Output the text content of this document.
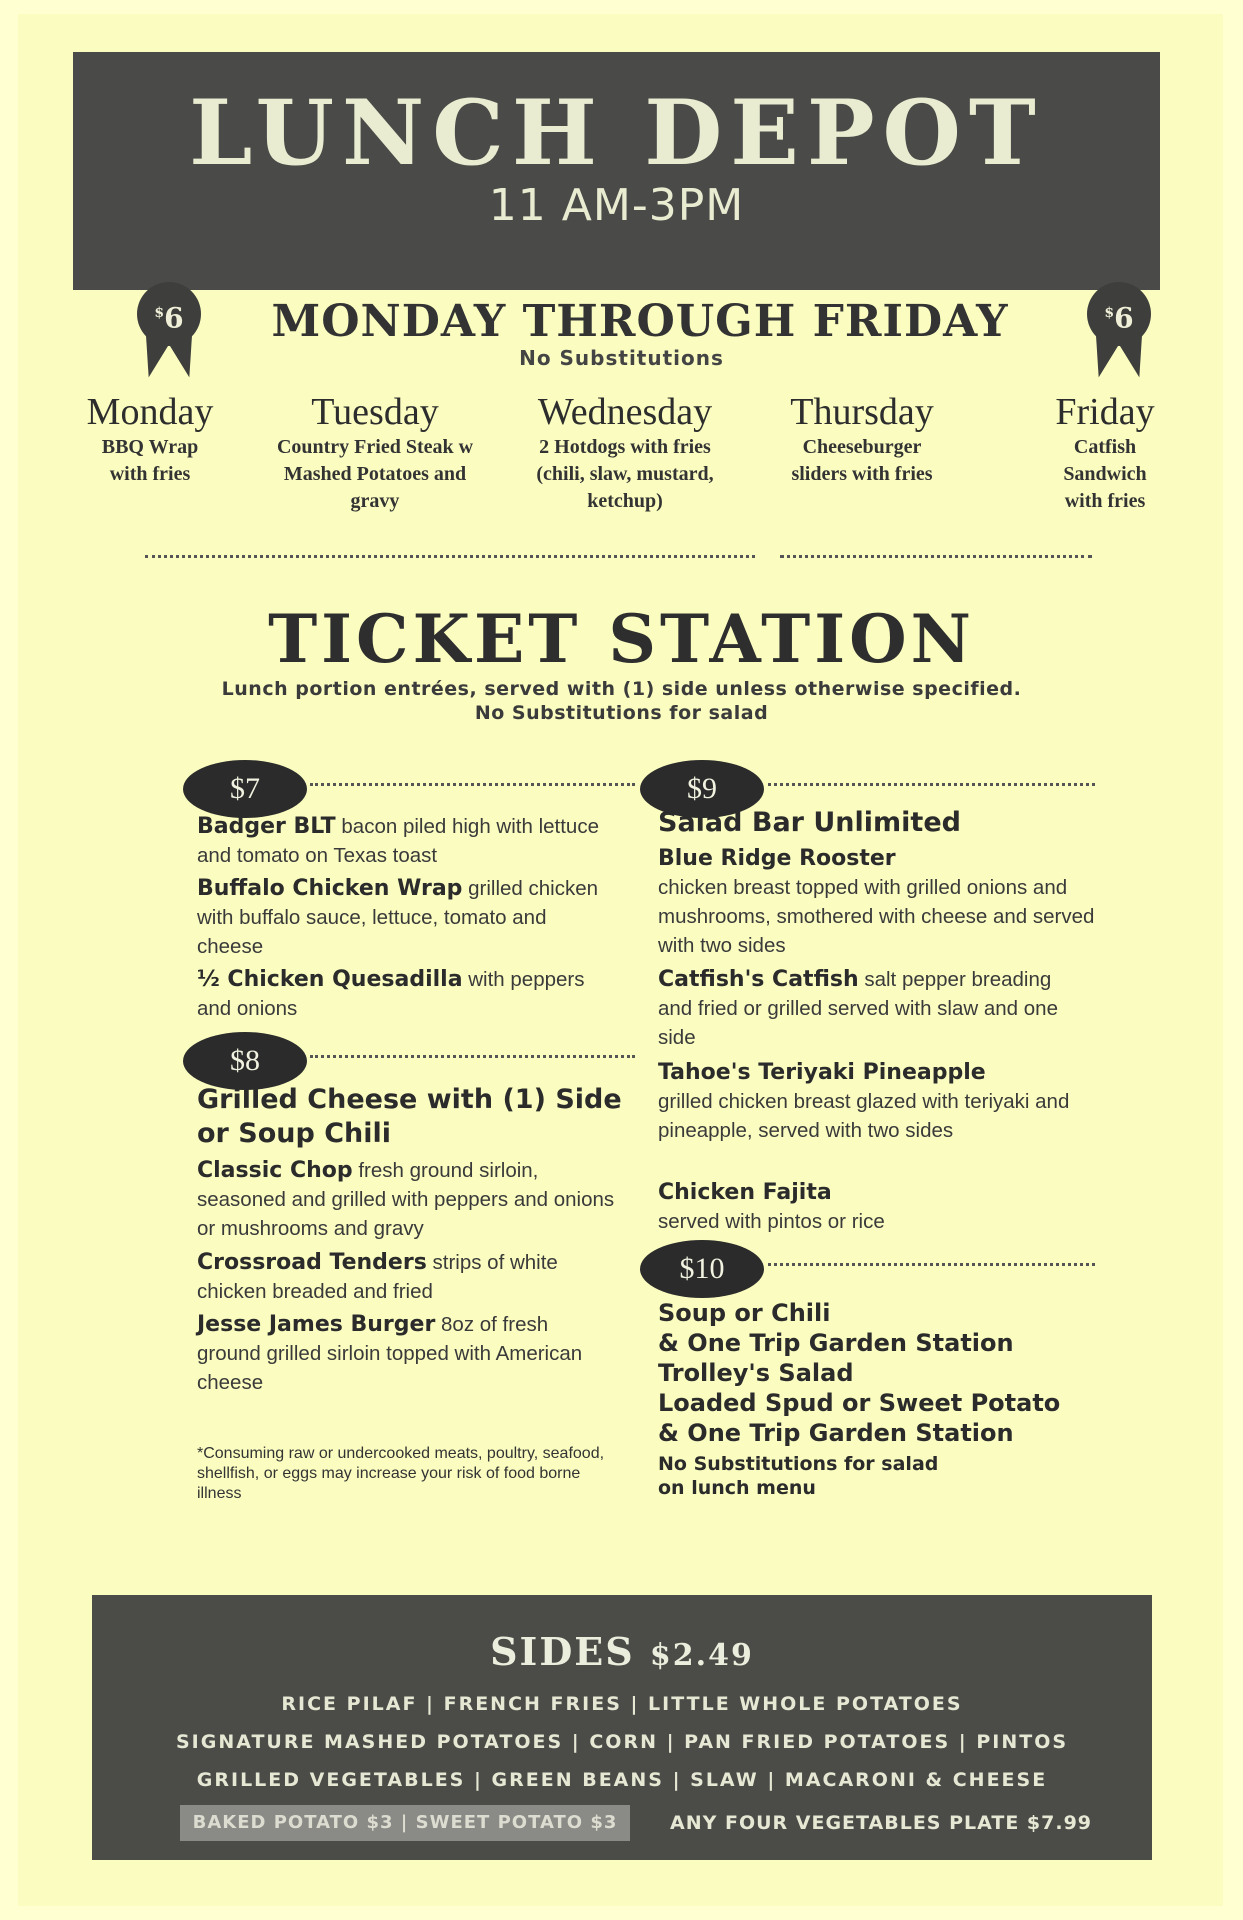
LUNCH DEPOT
11 AM-3PM
$6	$6
MONDAY THROUGH FRIDAY
No Substitutions
Monday
BBQ Wrap with fries
Tuesday
Country Fried Steak w Mashed Potatoes and gravy
Wednesday
2 Hotdogs with fries (chili, slaw, mustard, ketchup)
Thursday
Cheeseburger sliders with fries
Friday
Catfish Sandwich with fries
TICKET STATION
Lunch portion entrées, served with (1) side unless otherwise specified.
No Substitutions for salad
$7
Badger BLT bacon piled high with lettuce and tomato on Texas toast
Buffalo Chicken Wrap grilled chicken with buffalo sauce, lettuce, tomato and cheese
½ Chicken Quesadilla with peppers and onions
$8
Grilled Cheese with (1) Side or Soup Chili
Classic Chop fresh ground sirloin, seasoned and grilled with peppers and onions or mushrooms and gravy
Crossroad Tenders strips of white chicken breaded and fried
Jesse James Burger 8oz of fresh ground grilled sirloin topped with American cheese
*Consuming raw or undercooked meats, poultry, seafood, shellfish, or eggs may increase your risk of food borne illness
$9
Salad Bar Unlimited
Blue Ridge Rooster
chicken breast topped with grilled onions and mushrooms, smothered with cheese and served with two sides
Catfish's Catfish salt pepper breading and fried or grilled served with slaw and one side
Tahoe's Teriyaki Pineapple
grilled chicken breast glazed with teriyaki and pineapple, served with two sides
Chicken Fajita
served with pintos or rice
$10
Soup or Chili
& One Trip Garden Station
Trolley's Salad
Loaded Spud or Sweet Potato
& One Trip Garden Station
No Substitutions for salad
on lunch menu
SIDES $2.49
RICE PILAF | FRENCH FRIES | LITTLE WHOLE POTATOES
SIGNATURE MASHED POTATOES | CORN | PAN FRIED POTATOES | PINTOS
GRILLED VEGETABLES | GREEN BEANS | SLAW | MACARONI & CHEESE
BAKED POTATO $3 | SWEET POTATO $3	ANY FOUR VEGETABLES PLATE $7.99
